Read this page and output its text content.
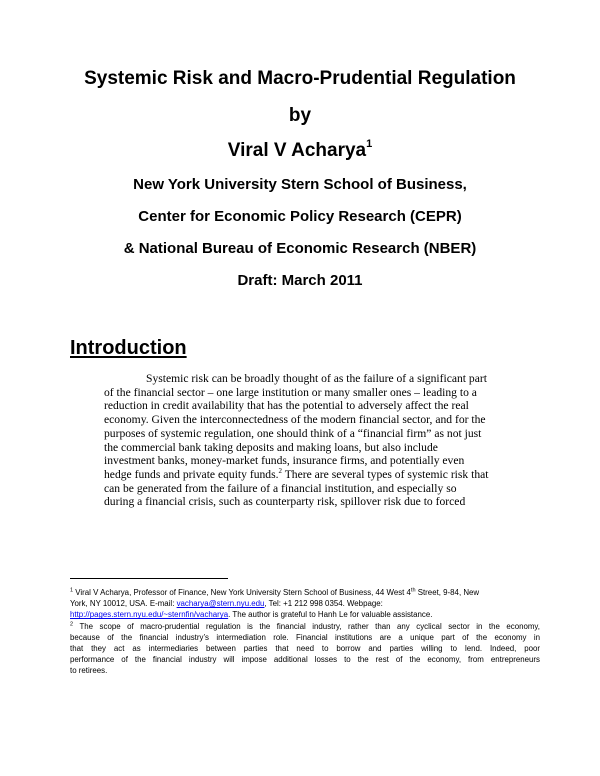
Systemic Risk and Macro-Prudential Regulation
by
Viral V Acharya$^1$
New York University Stern School of Business,
Center for Economic Policy Research (CEPR)
& National Bureau of Economic Research (NBER)
Draft: March 2011
Introduction
Systemic risk can be broadly thought of as the failure of a significant part
of the financial sector – one large institution or many smaller ones – leading to a
reduction in credit availability that has the potential to adversely affect the real
economy. Given the interconnectedness of the modern financial sector, and for the
purposes of systemic regulation, one should think of a “financial firm” as not just
the commercial bank taking deposits and making loans, but also include
investment banks, money-market funds, insurance firms, and potentially even
hedge funds and private equity funds.$^2$ There are several types of systemic risk that
can be generated from the failure of a financial institution, and especially so
during a financial crisis, such as counterparty risk, spillover risk due to forced
$^1$ Viral V Acharya, Professor of Finance, New York University Stern School of Business, 44 West 4th Street, 9-84, New
York, NY 10012, USA. E-mail: vacharya@stern.nyu.edu, Tel: +1 212 998 0354. Webpage:
http://pages.stern.nyu.edu/~sternfin/vacharya. The author is grateful to Hanh Le for valuable assistance.
$^2$ The scope of macro-prudential regulation is the financial industry, rather than any cyclical sector in the economy,
because of the financial industry’s intermediation role. Financial institutions are a unique part of the economy in
that they act as intermediaries between parties that need to borrow and parties willing to lend. Indeed, poor
performance of the financial industry will impose additional losses to the rest of the economy, from entrepreneurs
to retirees.
